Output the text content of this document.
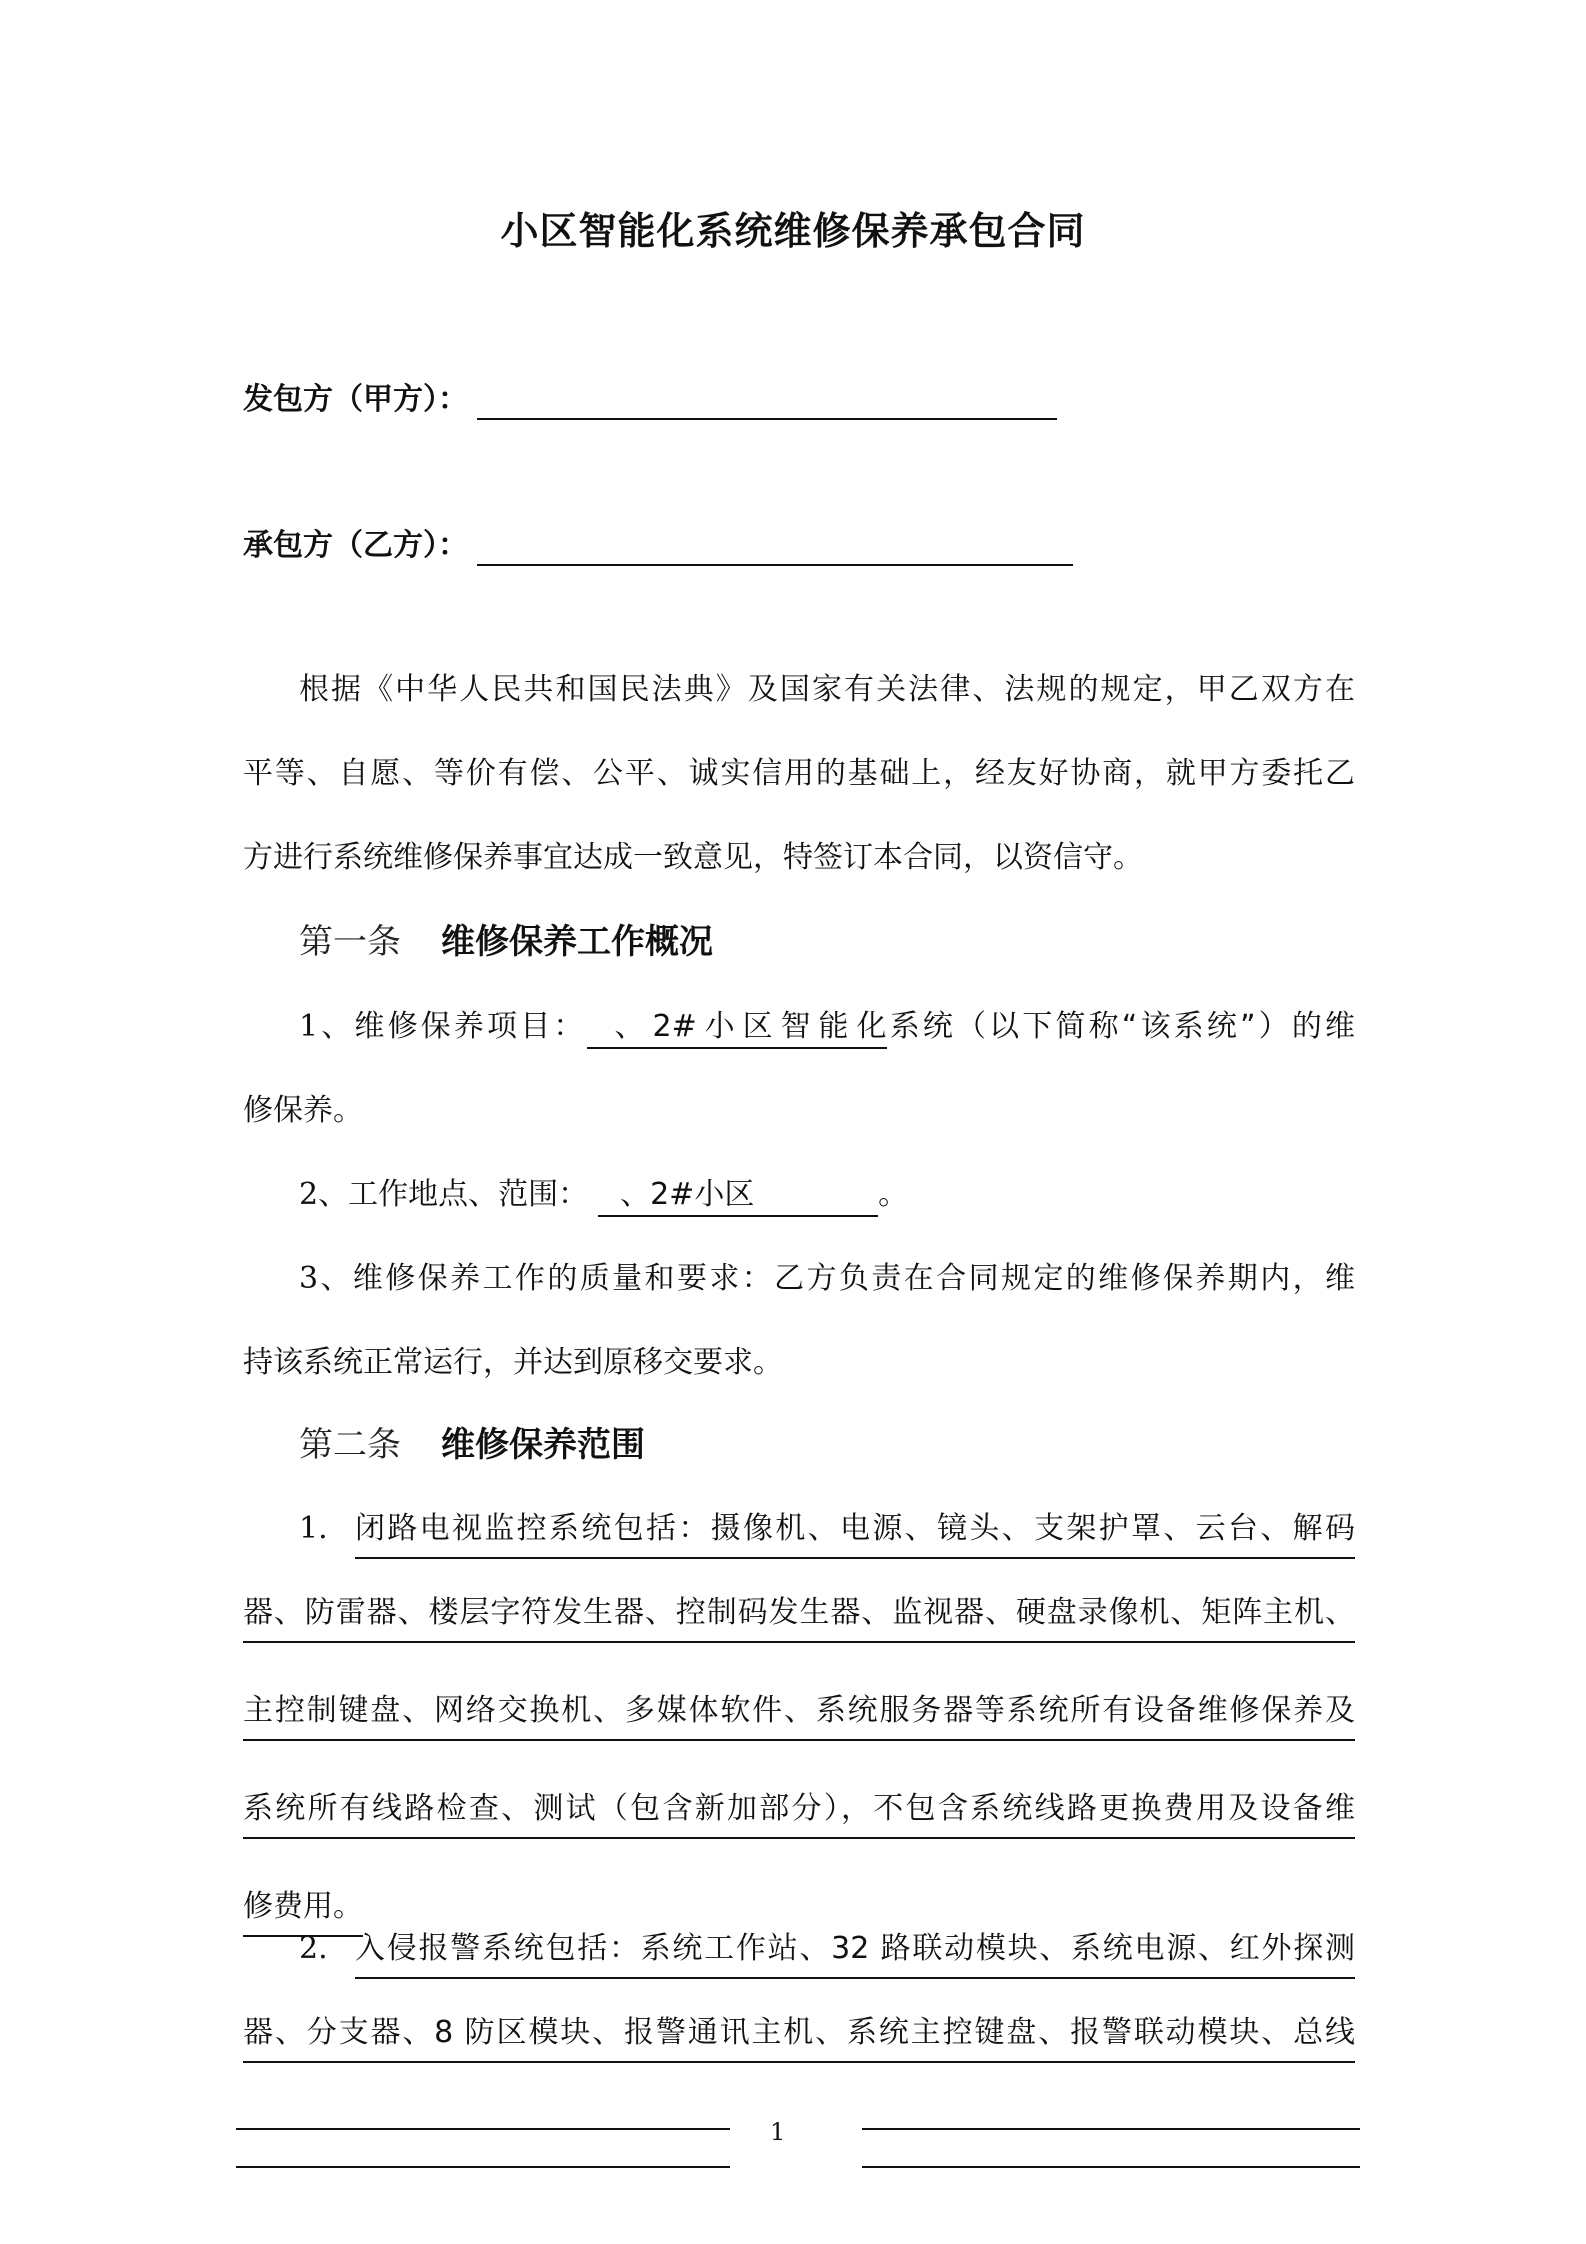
小区智能化系统维修保养承包合同
发包方（甲方）：
承包方（乙方）：
根据《中华人民共和国民法典》及国家有关法律、法规的规定，甲乙双方在
平等、自愿、等价有偿、公平、诚实信用的基础上，经友好协商，就甲方委托乙
方进行系统维修保养事宜达成一致意见，特签订本合同，以资信守。
第一条 维修保养工作概况
1、维修保养项目： 、2#小区智能化系统（以下简称“该系统”）的维
修保养。
2、工作地点、范围： 、2#小区	。
3、维修保养工作的质量和要求：乙方负责在合同规定的维修保养期内，维
持该系统正常运行，并达到原移交要求。
第二条 维修保养范围
1. 闭路电视监控系统包括：摄像机、电源、镜头、支架护罩、云台、解码
器、防雷器、楼层字符发生器、控制码发生器、监视器、硬盘录像机、矩阵主机、
主控制键盘、网络交换机、多媒体软件、系统服务器等系统所有设备维修保养及
系统所有线路检查、测试（包含新加部分），不包含系统线路更换费用及设备维
修费用。
2. 入侵报警系统包括：系统工作站、32 路联动模块、系统电源、红外探测
器、分支器、8 防区模块、报警通讯主机、系统主控键盘、报警联动模块、总线
1
